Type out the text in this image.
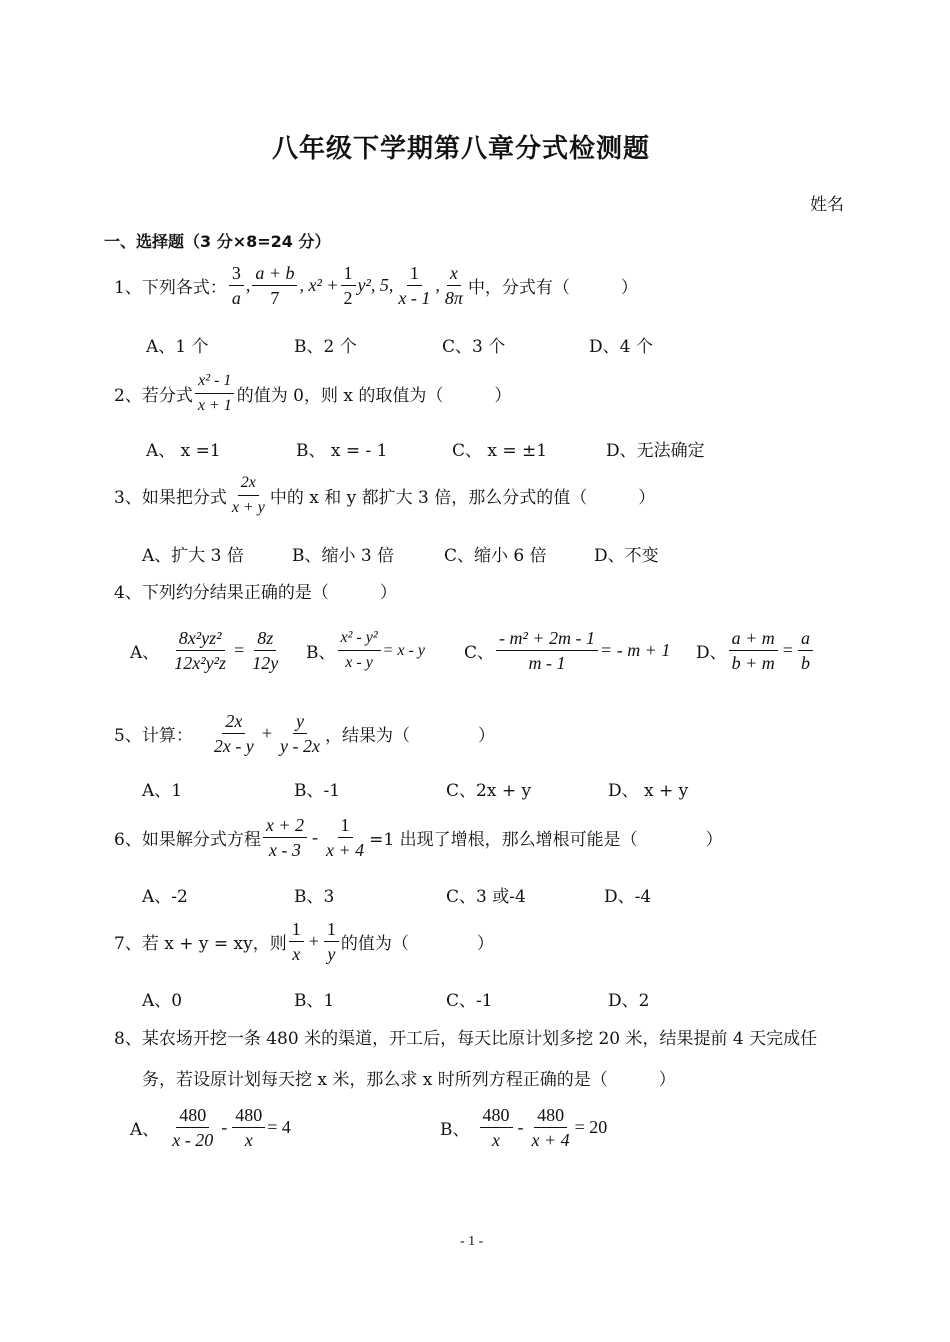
八年级下学期第八章分式检测题
姓名
一、选择题（3 分×8=24 分）
1、下列各式： $\frac{3}{a}$ , $\frac{a + b}{7}$ , $x^2 + \frac{1}{2} y^2$, 5, $\frac{1}{x - 1}$ , $\frac{x}{8\pi}$ 中，分式有（　　　）
A、1 个	B、2 个	C、3 个	D、4 个
2、若分式 $\frac{\text{x² - 1}}{x + 1}$ 的值为 0，则 x 的取值为（　　　）
A、 x =1	B、 x = - 1	C、 x = ±1	D、无法确定
3、如果把分式 $\frac{2x}{x + y}$ 中的 x 和 y 都扩大 3 倍，那么分式的值（　　　）
A、扩大 3 倍	B、缩小 3 倍	C、缩小 6 倍	D、不变
4、下列约分结果正确的是（　　　）
A、 $\frac{\text{8x²yz²}}{\text{12x²y²z}} = \frac{8z}{12y}$ B、 $\frac{\text{x² - y²}}{x - y} = x - y$ C、 $\frac{\text{- m² + 2m - 1}}{m - 1}$ = - m + 1 D、 $\frac{a + m}{b + m} = \frac{a}{b}$
5、计算： $\frac{2x}{2x - y} + \frac{y}{y - 2x}$ ，结果为（　　　　）
A、1	B、-1	C、2x + y	D、 x + y
6、如果解分式方程 $\frac{x + 2}{x - 3} - \frac{1}{x + 4} =1$ 出现了增根，那么增根可能是（　　　　）
A、-2	B、3	C、3 或-4	D、-4
7、若 x + y = xy，则 $\frac{1}{x} + \frac{1}{y}$ 的值为（　　　　）
A、0	B、1	C、-1	D、2
8、某农场开挖一条 480 米的渠道，开工后，每天比原计划多挖 20 米，结果提前 4 天完成任
务，若设原计划每天挖 x 米，那么求 x 时所列方程正确的是（　　　）
A、 $\frac{480}{x - 20} - \frac{480}{x} = 4$	B、 $\frac{480}{x} - \frac{480}{x + 4} = 20$
- 1 -
